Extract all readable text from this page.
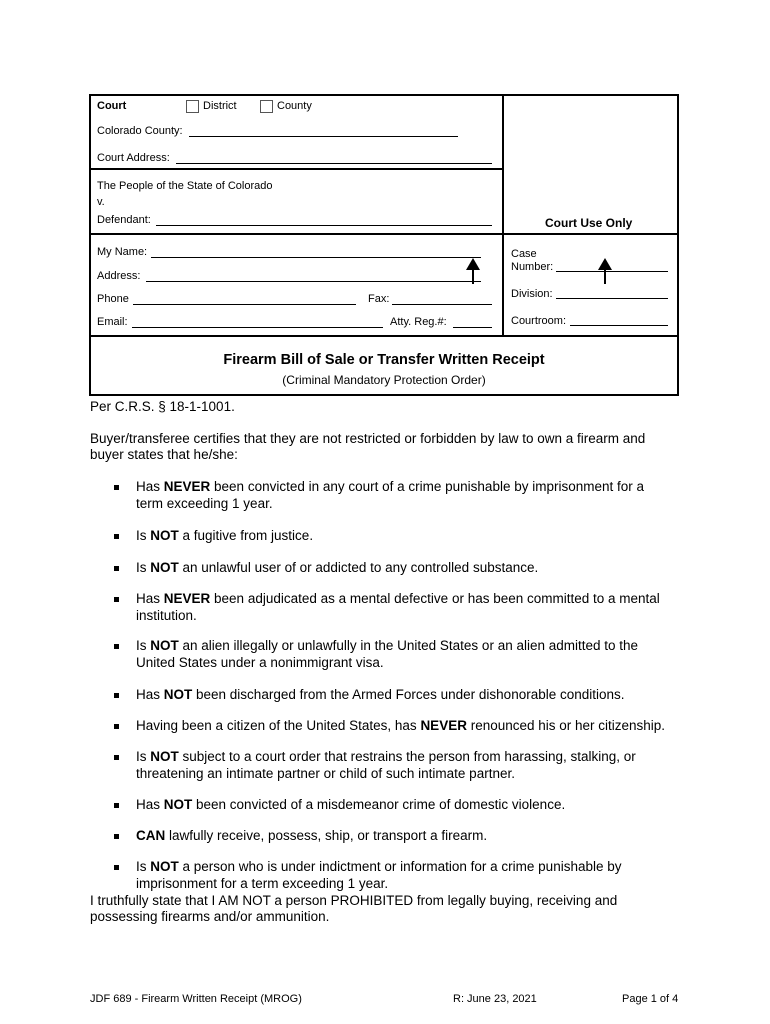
Court	District	County
Colorado County:
Court Address:
The People of the State of Colorado
v.
Defendant:	Court Use Only
My Name:
Address:
Phone	Fax:
Email:	Atty. Reg.#:
Case
Number:
Division:
Courtroom:
Firearm Bill of Sale or Transfer Written Receipt
(Criminal Mandatory Protection Order)
Per C.R.S. § 18-1-1001.
Buyer/transferee certifies that they are not restricted or forbidden by law to own a firearm and
buyer states that he/she:
Has NEVER been convicted in any court of a crime punishable by imprisonment for a
term exceeding 1 year.
Is NOT a fugitive from justice.
Is NOT an unlawful user of or addicted to any controlled substance.
Has NEVER been adjudicated as a mental defective or has been committed to a mental
institution.
Is NOT an alien illegally or unlawfully in the United States or an alien admitted to the
United States under a nonimmigrant visa.
Has NOT been discharged from the Armed Forces under dishonorable conditions.
Having been a citizen of the United States, has NEVER renounced his or her citizenship.
Is NOT subject to a court order that restrains the person from harassing, stalking, or
threatening an intimate partner or child of such intimate partner.
Has NOT been convicted of a misdemeanor crime of domestic violence.
CAN lawfully receive, possess, ship, or transport a firearm.
Is NOT a person who is under indictment or information for a crime punishable by
imprisonment for a term exceeding 1 year.
I truthfully state that I AM NOT a person PROHIBITED from legally buying, receiving and
possessing firearms and/or ammunition.
JDF 689 - Firearm Written Receipt (MROG)	R: June 23, 2021	Page 1 of 4
